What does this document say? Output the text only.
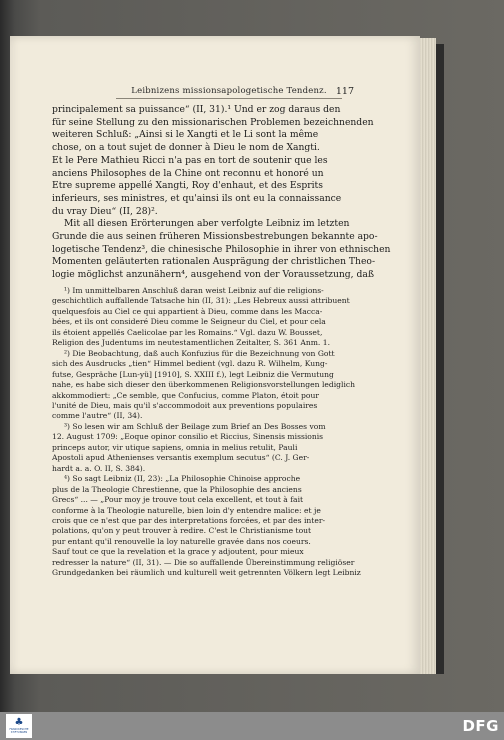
Leibnizens missionsapologetische Tendenz. 117
principalement sa puissance“ (II, 31).¹ Und er zog daraus den
für seine Stellung zu den missionarischen Problemen bezeichnenden
weiteren Schluß: „Ainsi si le Xangti et le Li sont la même
chose, on a tout sujet de donner à Dieu le nom de Xangti.
Et le Pere Mathieu Ricci n'a pas en tort de soutenir que les
anciens Philosophes de la Chine ont reconnu et honoré un
Etre supreme appellé Xangti, Roy d'enhaut, et des Esprits
inferieurs, ses ministres, et qu'ainsi ils ont eu la connaissance
du vray Dieu“ (II, 28)².
Mit all diesen Erörterungen aber verfolgte Leibniz im letzten
Grunde die aus seinen früheren Missionsbestrebungen bekannte apo-
logetische Tendenz³, die chinesische Philosophie in ihrer von ethnischen
Momenten geläuterten rationalen Ausprägung der christlichen Theo-
logie möglichst anzunähern⁴, ausgehend von der Voraussetzung, daß
¹) Im unmittelbaren Anschluß daran weist Leibniz auf die religions-
geschichtlich auffallende Tatsache hin (II, 31): „Les Hebreux aussi attribuent
quelquesfois au Ciel ce qui appartient à Dieu, comme dans les Macca-
bées, et ils ont consideré Dieu comme le Seigneur du Ciel, et pour cela
ils étoient appellés Caelicolae par les Romains.“ Vgl. dazu W. Bousset,
Religion des Judentums im neutestamentlichen Zeitalter, S. 361 Anm. 1.
²) Die Beobachtung, daß auch Konfuzius für die Bezeichnung von Gott
sich des Ausdrucks „tien“ Himmel bedient (vgl. dazu R. Wilhelm, Kung-
futse, Gespräche [Lun-yü] [1910], S. XXIII f.), legt Leibniz die Vermutung
nahe, es habe sich dieser den überkommenen Religionsvorstellungen lediglich
akkommodiert: „Ce semble, que Confucius, comme Platon, étoit pour
l'unité de Dieu, mais qu'il s'accommodoit aux preventions populaires
comme l'autre“ (II, 34).
³) So lesen wir am Schluß der Beilage zum Brief an Des Bosses vom
12. August 1709: „Eoque opinor consilio et Riccius, Sinensis missionis
princeps autor, vir utique sapiens, omnia in melius retulit, Pauli
Apostoli apud Athenienses versantis exemplum secutus“ (C. J. Ger-
hardt a. a. O. II, S. 384).
⁴) So sagt Leibniz (II, 23): „La Philosophie Chinoise approche
plus de la Theologie Chrestienne, que la Philosophie des anciens
Grecs“ ... — „Pour moy je trouve tout cela excellent, et tout à fait
conforme à la Theologie naturelle, bien loin d'y entendre malice: et je
crois que ce n'est que par des interpretations forcées, et par des inter-
polations, qu'on y peut trouver à redire. C'est le Christianisme tout
pur entant qu'il renouvelle la loy naturelle gravée dans nos coeurs.
Sauf tout ce que la revelation et la grace y adjoutent, pour mieux
redresser la nature“ (II, 31). — Die so auffallende Übereinstimmung religiöser
Grundgedanken bei räumlich und kulturell weit getrennten Völkern legt Leibniz
♣
FRANCKESCHE
STIFTUNGEN	DFG
